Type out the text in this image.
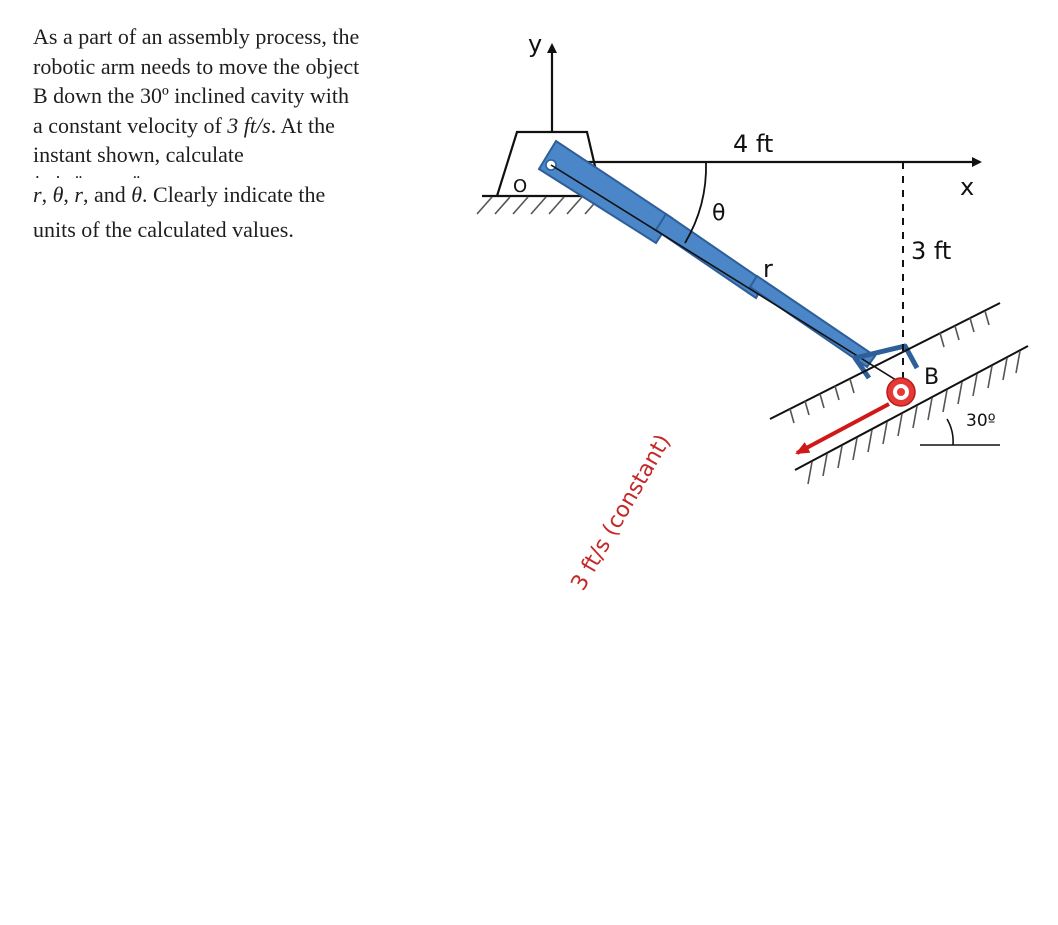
As a part of an assembly process, the
robotic arm needs to move the object
B down the 30º inclined cavity with
a constant velocity of 3 ft/s. At the
instant shown, calculate
˙ r, ˙ θ, ¨ r, and ¨ θ. Clearly indicate the
units of the calculated values.
y
x
O
θ
4 ft
r
3 ft
30º
B
3 ft/s (constant)
